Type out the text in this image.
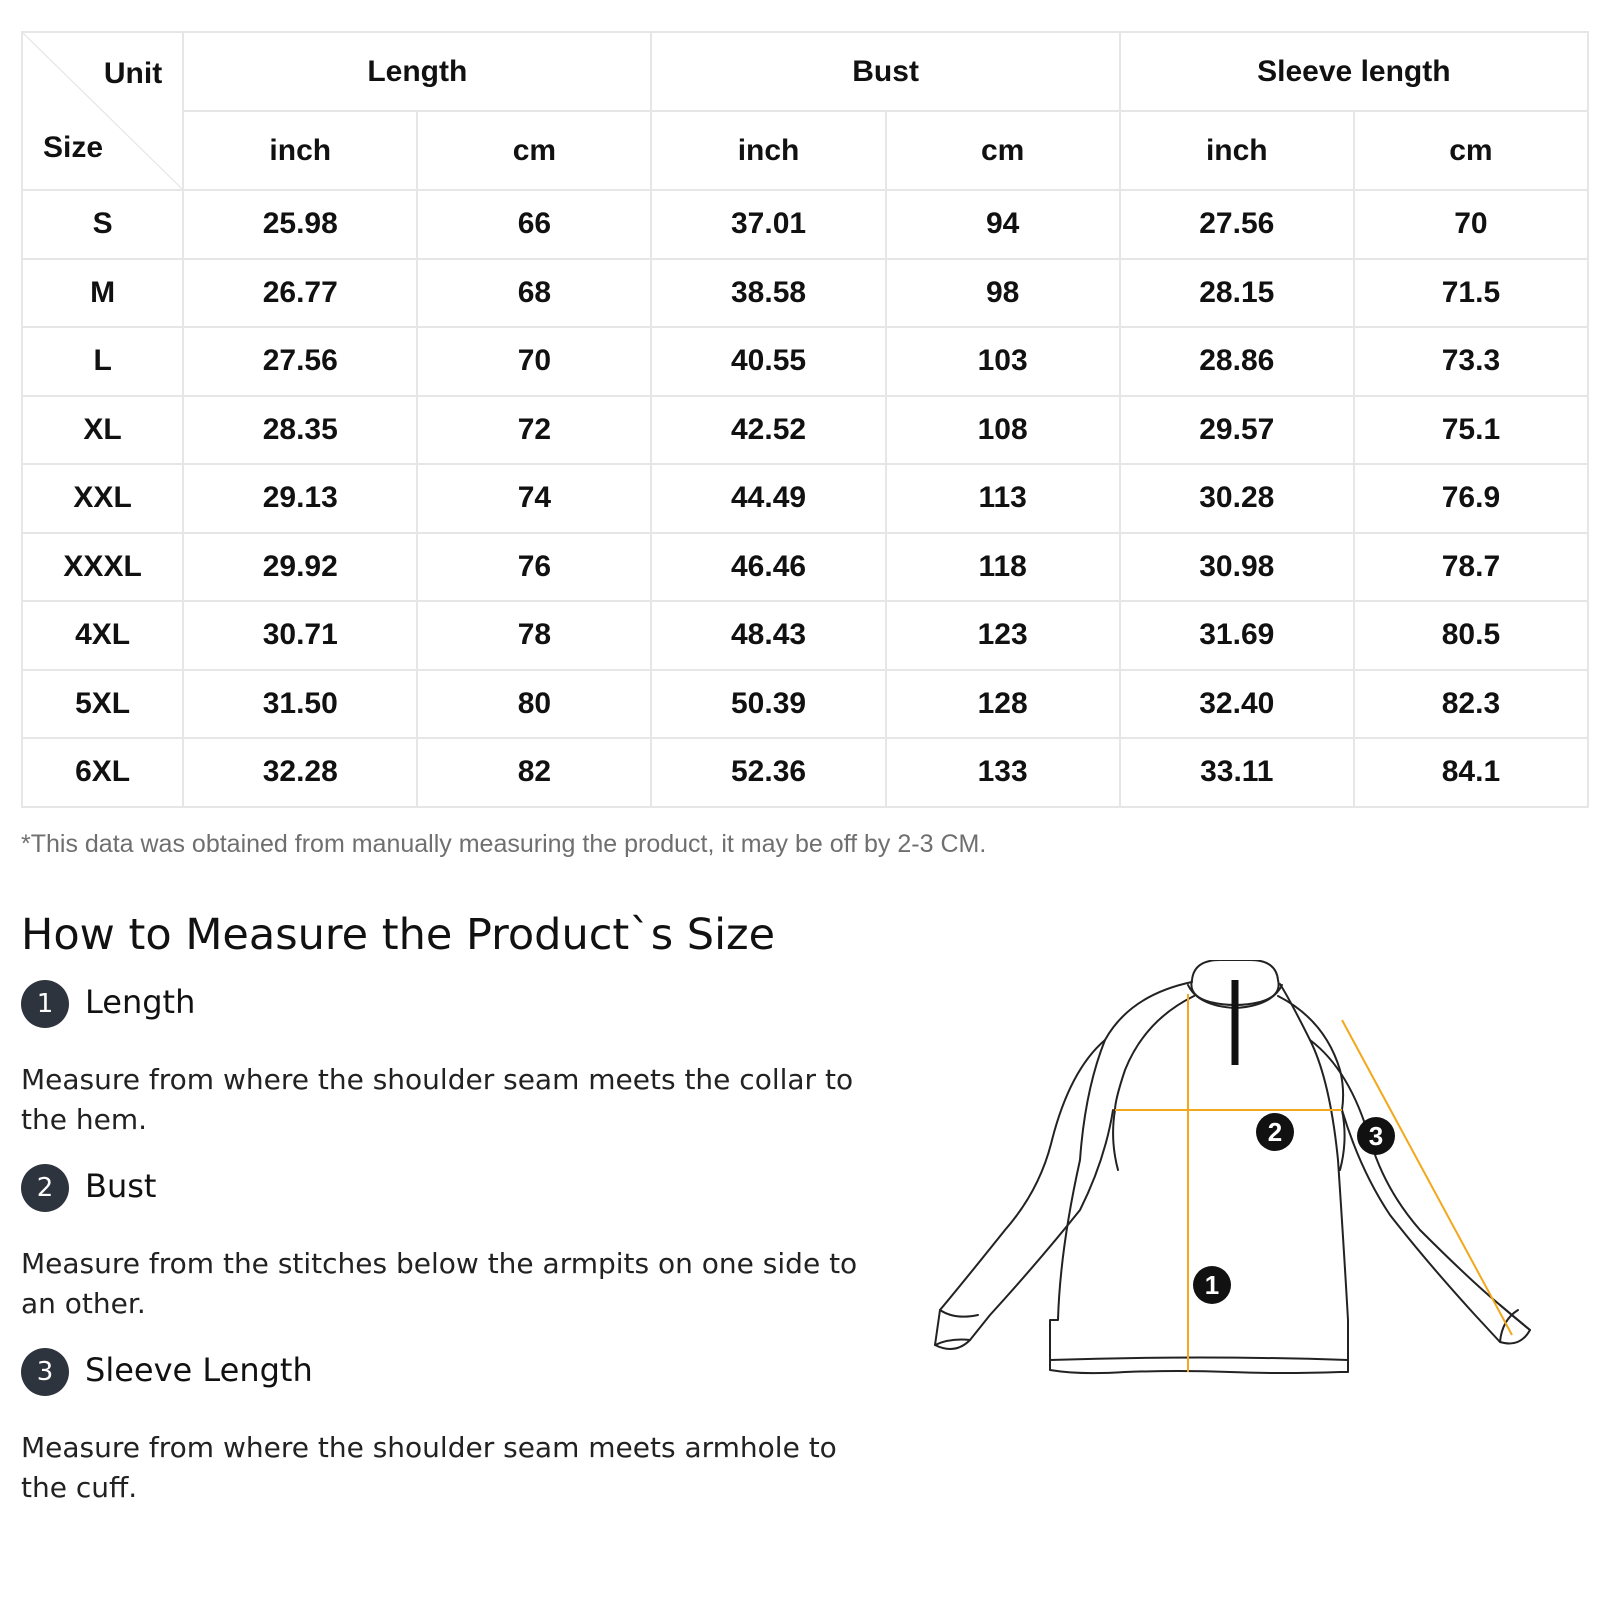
Unit
Size	Length		Bust		Sleeve length	
	inch	cm	inch	cm	inch	cm
S	25.98	66	37.01	94	27.56	70
M	26.77	68	38.58	98	28.15	71.5
L	27.56	70	40.55	103	28.86	73.3
XL	28.35	72	42.52	108	29.57	75.1
XXL	29.13	74	44.49	113	30.28	76.9
XXXL	29.92	76	46.46	118	30.98	78.7
4XL	30.71	78	48.43	123	31.69	80.5
5XL	31.50	80	50.39	128	32.40	82.3
6XL	32.28	82	52.36	133	33.11	84.1
*This data was obtained from manually measuring the product, it may be off by 2-3 CM.
How to Measure the Product`s Size
1 Length

Measure from where the shoulder seam meets the collar to the hem.

2 Bust

Measure from the stitches below the armpits on one side to an other.

3 Sleeve Length

Measure from where the shoulder seam meets armhole to the cuff.

1
2	3
